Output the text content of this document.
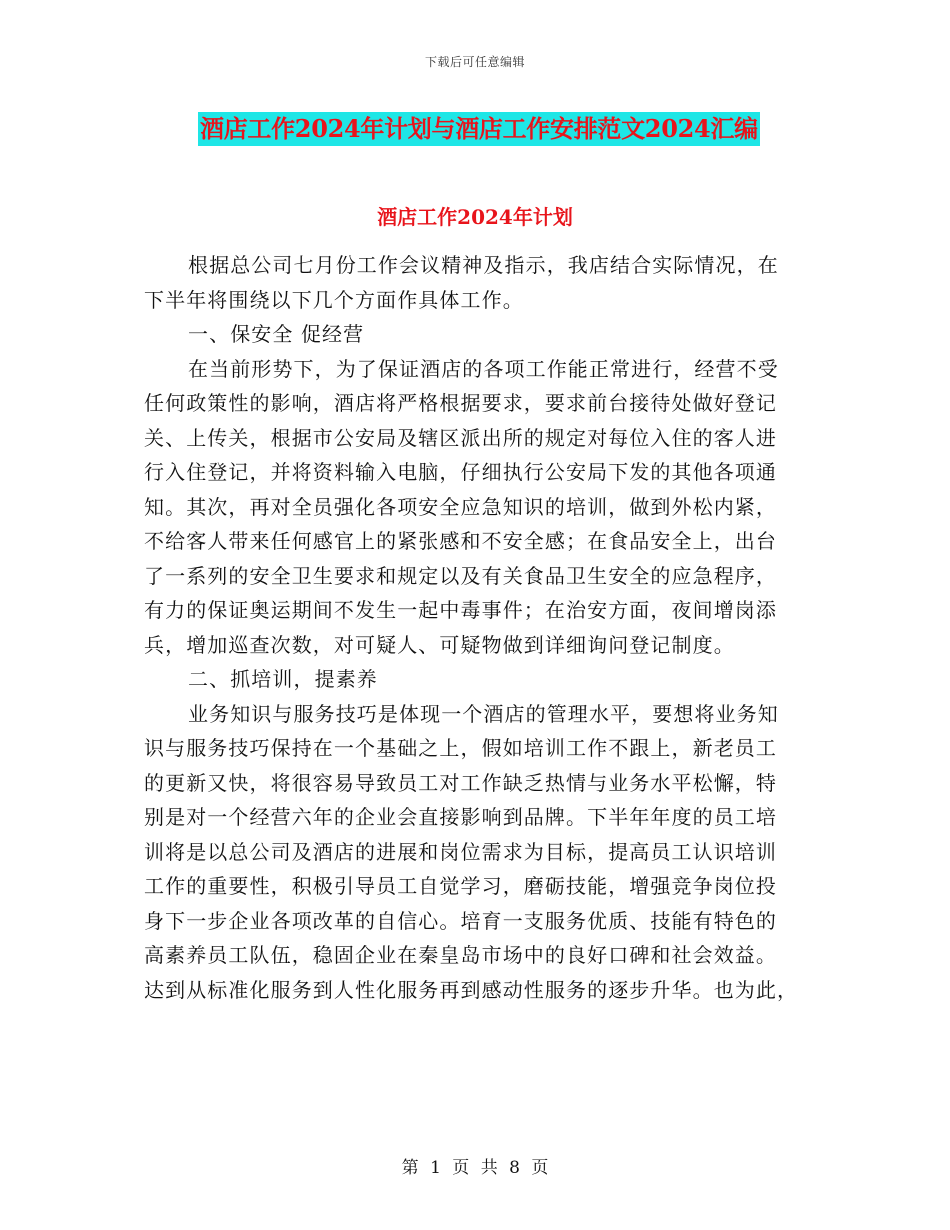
下载后可任意编辑
酒店工作2024年计划与酒店工作安排范文2024汇编
酒店工作2024年计划
根据总公司七月份工作会议精神及指示，我店结合实际情况，在
下半年将围绕以下几个方面作具体工作。
一、保安全 促经营
在当前形势下，为了保证酒店的各项工作能正常进行，经营不受
任何政策性的影响，酒店将严格根据要求，要求前台接待处做好登记
关、上传关，根据市公安局及辖区派出所的规定对每位入住的客人进
行入住登记，并将资料输入电脑，仔细执行公安局下发的其他各项通
知。其次，再对全员强化各项安全应急知识的培训，做到外松内紧，
不给客人带来任何感官上的紧张感和不安全感；在食品安全上，出台
了一系列的安全卫生要求和规定以及有关食品卫生安全的应急程序，
有力的保证奥运期间不发生一起中毒事件；在治安方面，夜间增岗添
兵，增加巡查次数，对可疑人、可疑物做到详细询问登记制度。
二、抓培训，提素养
业务知识与服务技巧是体现一个酒店的管理水平，要想将业务知
识与服务技巧保持在一个基础之上，假如培训工作不跟上，新老员工
的更新又快，将很容易导致员工对工作缺乏热情与业务水平松懈，特
别是对一个经营六年的企业会直接影响到品牌。下半年年度的员工培
训将是以总公司及酒店的进展和岗位需求为目标，提高员工认识培训
工作的重要性，积极引导员工自觉学习，磨砺技能，增强竞争岗位投
身下一步企业各项改革的自信心。培育一支服务优质、技能有特色的
高素养员工队伍，稳固企业在秦皇岛市场中的良好口碑和社会效益。
达到从标准化服务到人性化服务再到感动性服务的逐步升华。也为此，
第 1 页 共 8 页
